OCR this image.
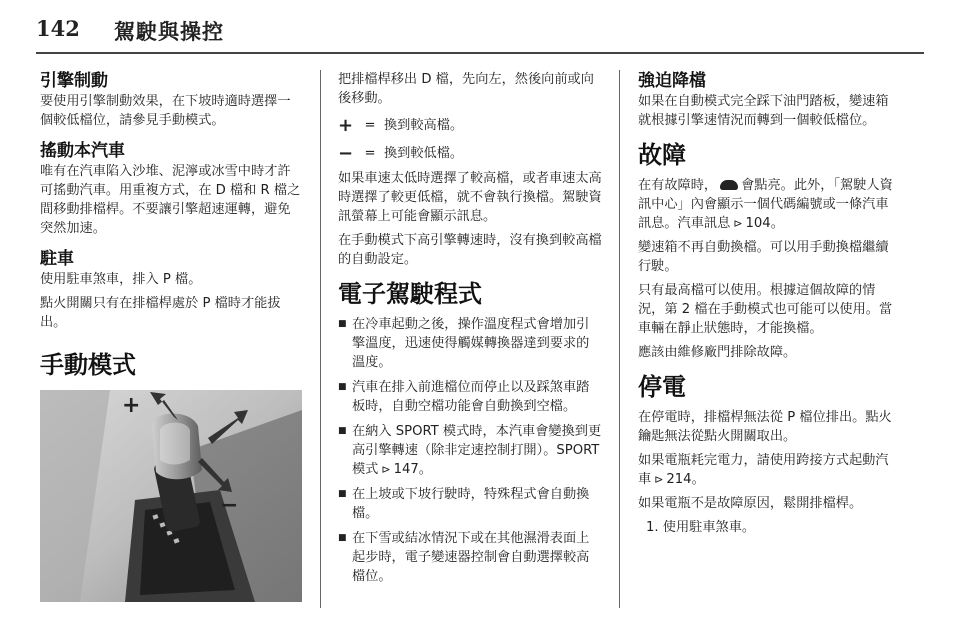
142 駕駛與操控
引擎制動

要使用引擎制動效果，在下坡時適時選擇一個較低檔位，請參見手動模式。

搖動本汽車

唯有在汽車陷入沙堆、泥濘或冰雪中時才許可搖動汽車。用重複方式，在 D 檔和 R 檔之間移動排檔桿。不要讓引擎超速運轉，避免突然加速。

駐車

使用駐車煞車，排入 P 檔。

點火開關只有在排檔桿處於 P 檔時才能拔出。

手動模式
+
−

把排檔桿移出 D 檔，先向左，然後向前或向後移動。

+ = 換到較高檔。
− = 換到較低檔。

如果車速太低時選擇了較高檔，或者車速太高時選擇了較更低檔，就不會執行換檔。駕駛資訊螢幕上可能會顯示訊息。

在手動模式下高引擎轉速時，沒有換到較高檔的自動設定。

電子駕駛程式
■ 在冷車起動之後，操作溫度程式會增加引擎溫度，迅速使得觸媒轉換器達到要求的溫度。
■ 汽車在排入前進檔位而停止以及踩煞車踏板時，自動空檔功能會自動換到空檔。
■ 在納入 SPORT 模式時，本汽車會變換到更高引擎轉速（除非定速控制打開）。SPORT 模式 ⊳ 147。
■ 在上坡或下坡行駛時，特殊程式會自動換檔。
■ 在下雪或結冰情況下或在其他濕滑表面上起步時，電子變速器控制會自動選擇較高檔位。
強迫降檔

如果在自動模式完全踩下油門踏板，變速箱就根據引擎速情況而轉到一個較低檔位。

故障

在有故障時， 會點亮。此外，「駕駛人資訊中心」內會顯示一個代碼編號或一條汽車訊息。汽車訊息 ⊳ 104。

變速箱不再自動換檔。可以用手動換檔繼續行駛。

只有最高檔可以使用。根據這個故障的情況，第 2 檔在手動模式也可能可以使用。當車輛在靜止狀態時，才能換檔。

應該由維修廠門排除故障。

停電

在停電時，排檔桿無法從 P 檔位排出。點火鑰匙無法從點火開關取出。

如果電瓶耗完電力，請使用跨接方式起動汽車 ⊳ 214。

如果電瓶不是故障原因，鬆開排檔桿。

1. 使用駐車煞車。
